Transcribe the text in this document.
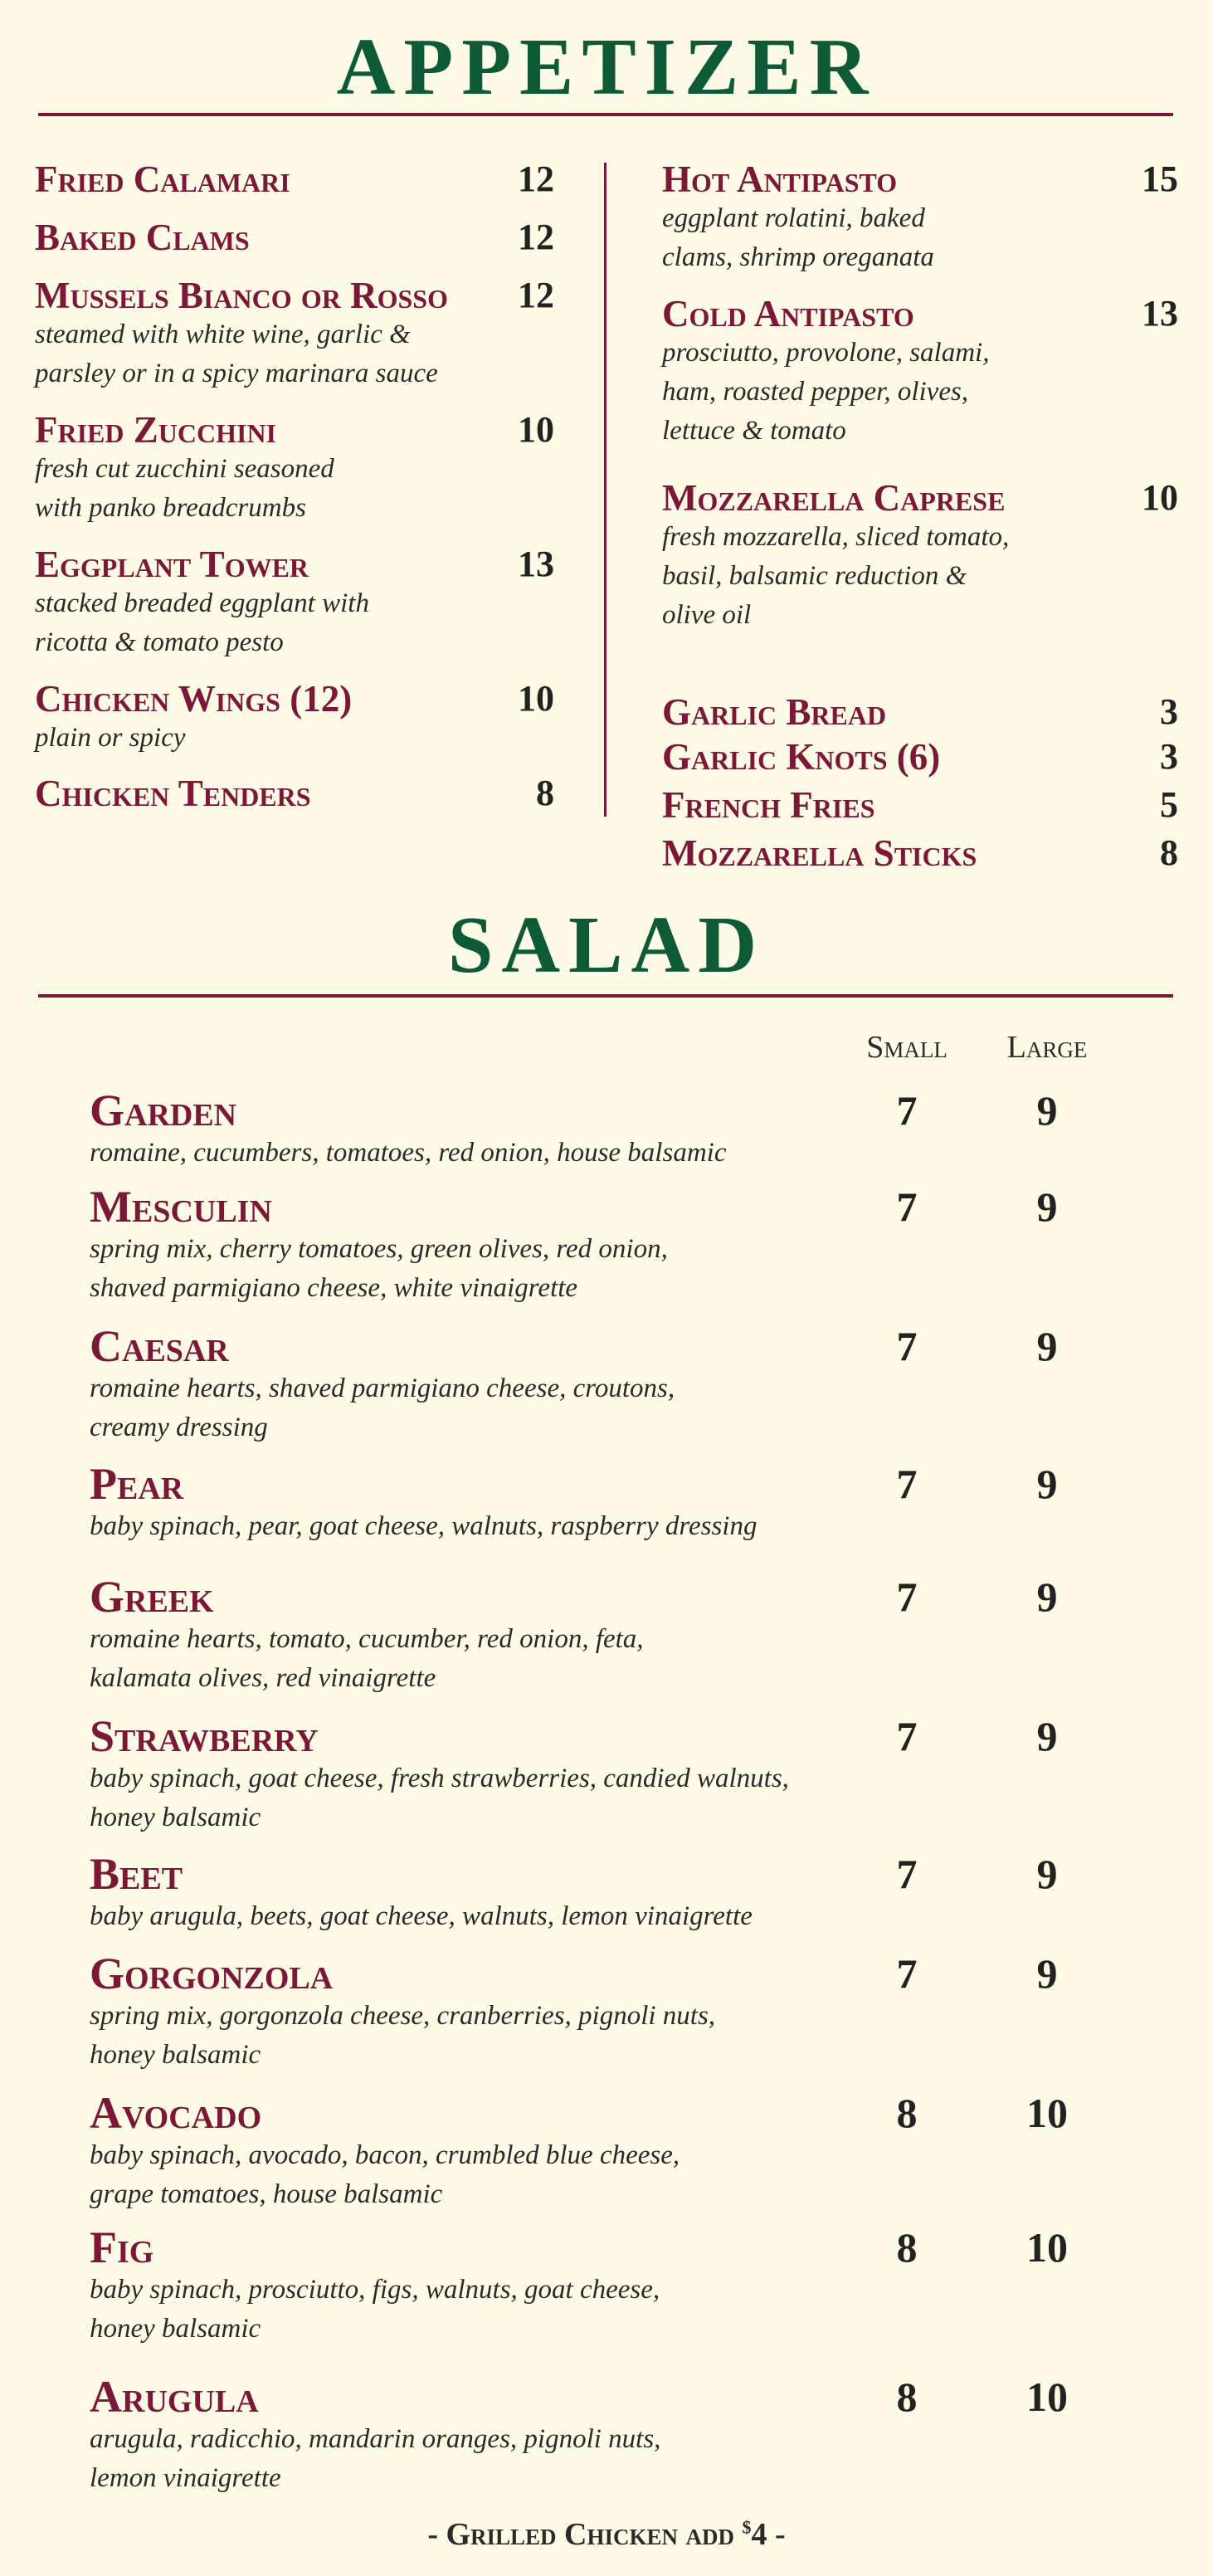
APPETIZER
Fried Calamari	12
Baked Clams	12
Mussels Bianco or Rosso
steamed with white wine, garlic &
parsley or in a spicy marinara sauce
12
Fried Zucchini
fresh cut zucchini seasoned
with panko breadcrumbs
10
Eggplant Tower
stacked breaded eggplant with
ricotta & tomato pesto
13
Chicken Wings (12)
plain or spicy
10
Chicken Tenders	8
Hot Antipasto
eggplant rolatini, baked
clams, shrimp oreganata
15
Cold Antipasto
prosciutto, provolone, salami,
ham, roasted pepper, olives,
lettuce & tomato
13
Mozzarella Caprese
fresh mozzarella, sliced tomato,
basil, balsamic reduction &
olive oil
10
Garlic Bread	3
Garlic Knots (6)	3
French Fries	5
Mozzarella Sticks	8
SALAD
Small	Large
Garden
romaine, cucumbers, tomatoes, red onion, house balsamic
7	9
Mesculin
spring mix, cherry tomatoes, green olives, red onion,
shaved parmigiano cheese, white vinaigrette
7	9
Caesar
romaine hearts, shaved parmigiano cheese, croutons,
creamy dressing
7	9
Pear
baby spinach, pear, goat cheese, walnuts, raspberry dressing
7	9
Greek
romaine hearts, tomato, cucumber, red onion, feta,
kalamata olives, red vinaigrette
7	9
Strawberry
baby spinach, goat cheese, fresh strawberries, candied walnuts,
honey balsamic
7	9
Beet
baby arugula, beets, goat cheese, walnuts, lemon vinaigrette
7	9
Gorgonzola
spring mix, gorgonzola cheese, cranberries, pignoli nuts,
honey balsamic
7	9
Avocado
baby spinach, avocado, bacon, crumbled blue cheese,
grape tomatoes, house balsamic
8	10
Fig
baby spinach, prosciutto, figs, walnuts, goat cheese,
honey balsamic
8	10
Arugula
arugula, radicchio, mandarin oranges, pignoli nuts,
lemon vinaigrette
8	10
- Grilled Chicken add $4 -
